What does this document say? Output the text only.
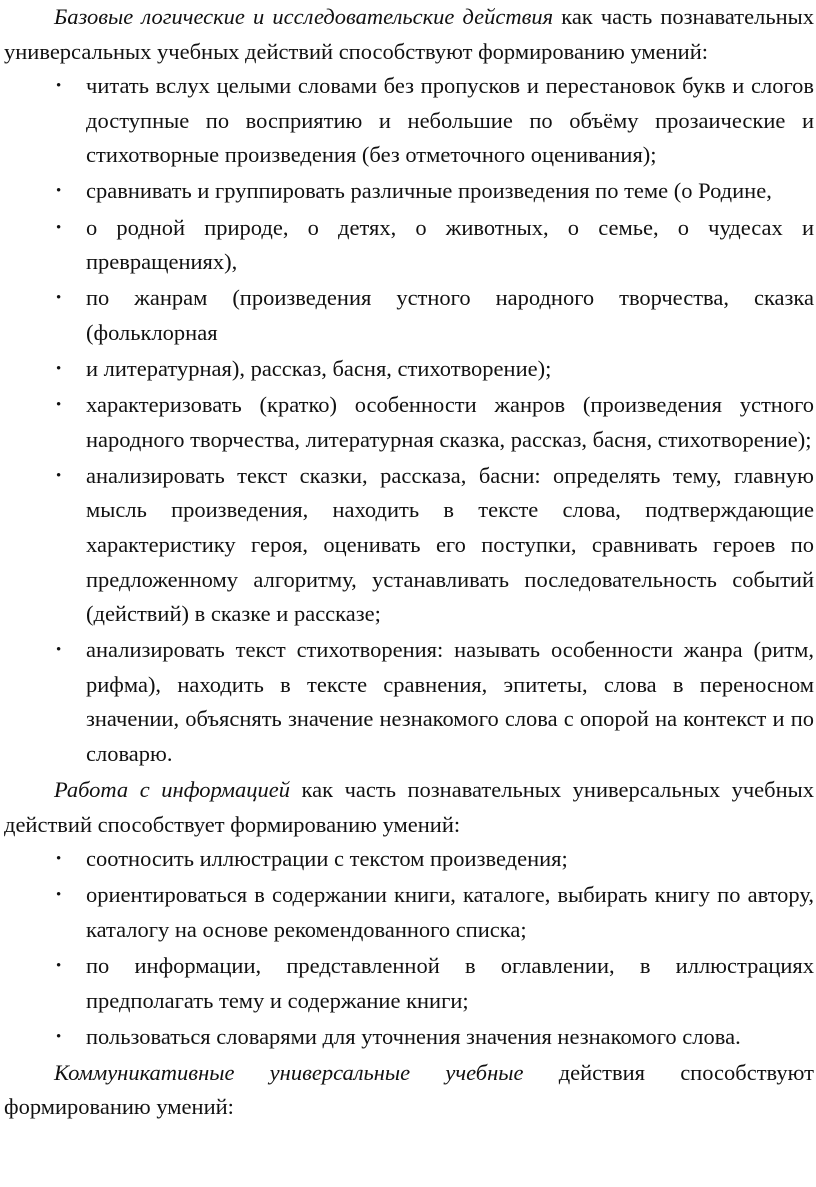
Базовые логические и исследовательские действия как часть познавательных универсальных учебных действий способствуют формированию умений:

• читать вслух целыми словами без пропусков и перестановок букв и слогов доступные по восприятию и небольшие по объёму прозаические и стихотворные произведения (без отметочного оценивания);
• сравнивать и группировать различные произведения по теме (о Родине,
• о родной природе, о детях, о животных, о семье, о чудесах и превращениях),
• по жанрам (произведения устного народного творчества, сказка (фольклорная
• и литературная), рассказ, басня, стихотворение);
• характеризовать (кратко) особенности жанров (произведения устного народного творчества, литературная сказка, рассказ, басня, стихотворение);
• анализировать текст сказки, рассказа, басни: определять тему, главную мысль произведения, находить в тексте слова, подтверждающие характеристику героя, оценивать его поступки, сравнивать героев по предложенному алгоритму, устанавливать последовательность событий (действий) в сказке и рассказе;
• анализировать текст стихотворения: называть особенности жанра (ритм, рифма), находить в тексте сравнения, эпитеты, слова в переносном значении, объяснять значение незнакомого слова с опорой на контекст и по словарю.

Работа с информацией как часть познавательных универсальных учебных действий способствует формированию умений:

• соотносить иллюстрации с текстом произведения;
• ориентироваться в содержании книги, каталоге, выбирать книгу по автору, каталогу на основе рекомендованного списка;
• по информации, представленной в оглавлении, в иллюстрациях предполагать тему и содержание книги;
• пользоваться словарями для уточнения значения незнакомого слова.

Коммуникативные универсальные учебные действия способствуют формированию умений:
